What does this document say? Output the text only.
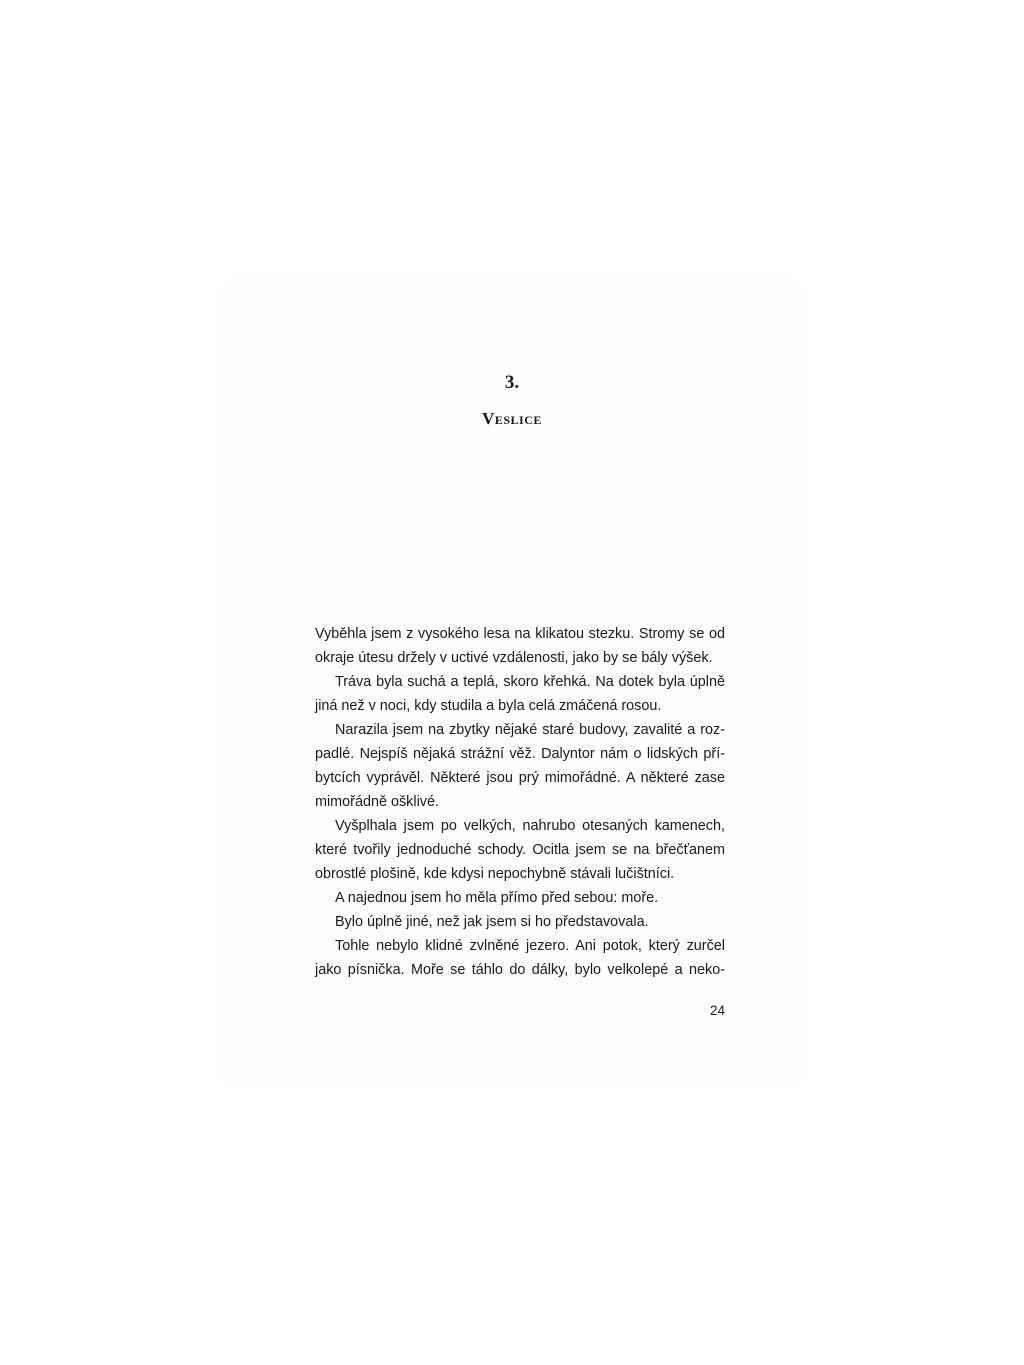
3.
Veslice

Vyběhla jsem z vysokého lesa na klikatou stezku. Stromy se od
okraje útesu držely v uctivé vzdálenosti, jako by se bály výšek.

Tráva byla suchá a teplá, skoro křehká. Na dotek byla úplně
jiná než v noci, kdy studila a byla celá zmáčená rosou.

Narazila jsem na zbytky nějaké staré budovy, zavalité a roz-
padlé. Nejspíš nějaká strážní věž. Dalyntor nám o lidských pří-
bytcích vyprávěl. Některé jsou prý mimořádné. A některé zase
mimořádně ošklivé.

Vyšplhala jsem po velkých, nahrubo otesaných kamenech,
které tvořily jednoduché schody. Ocitla jsem se na břečťanem
obrostlé plošině, kde kdysi nepochybně stávali lučištníci.

A najednou jsem ho měla přímo před sebou: moře.

Bylo úplně jiné, než jak jsem si ho představovala.

Tohle nebylo klidné zvlněné jezero. Ani potok, který zurčel
jako písnička. Moře se táhlo do dálky, bylo velkolepé a neko-

24
